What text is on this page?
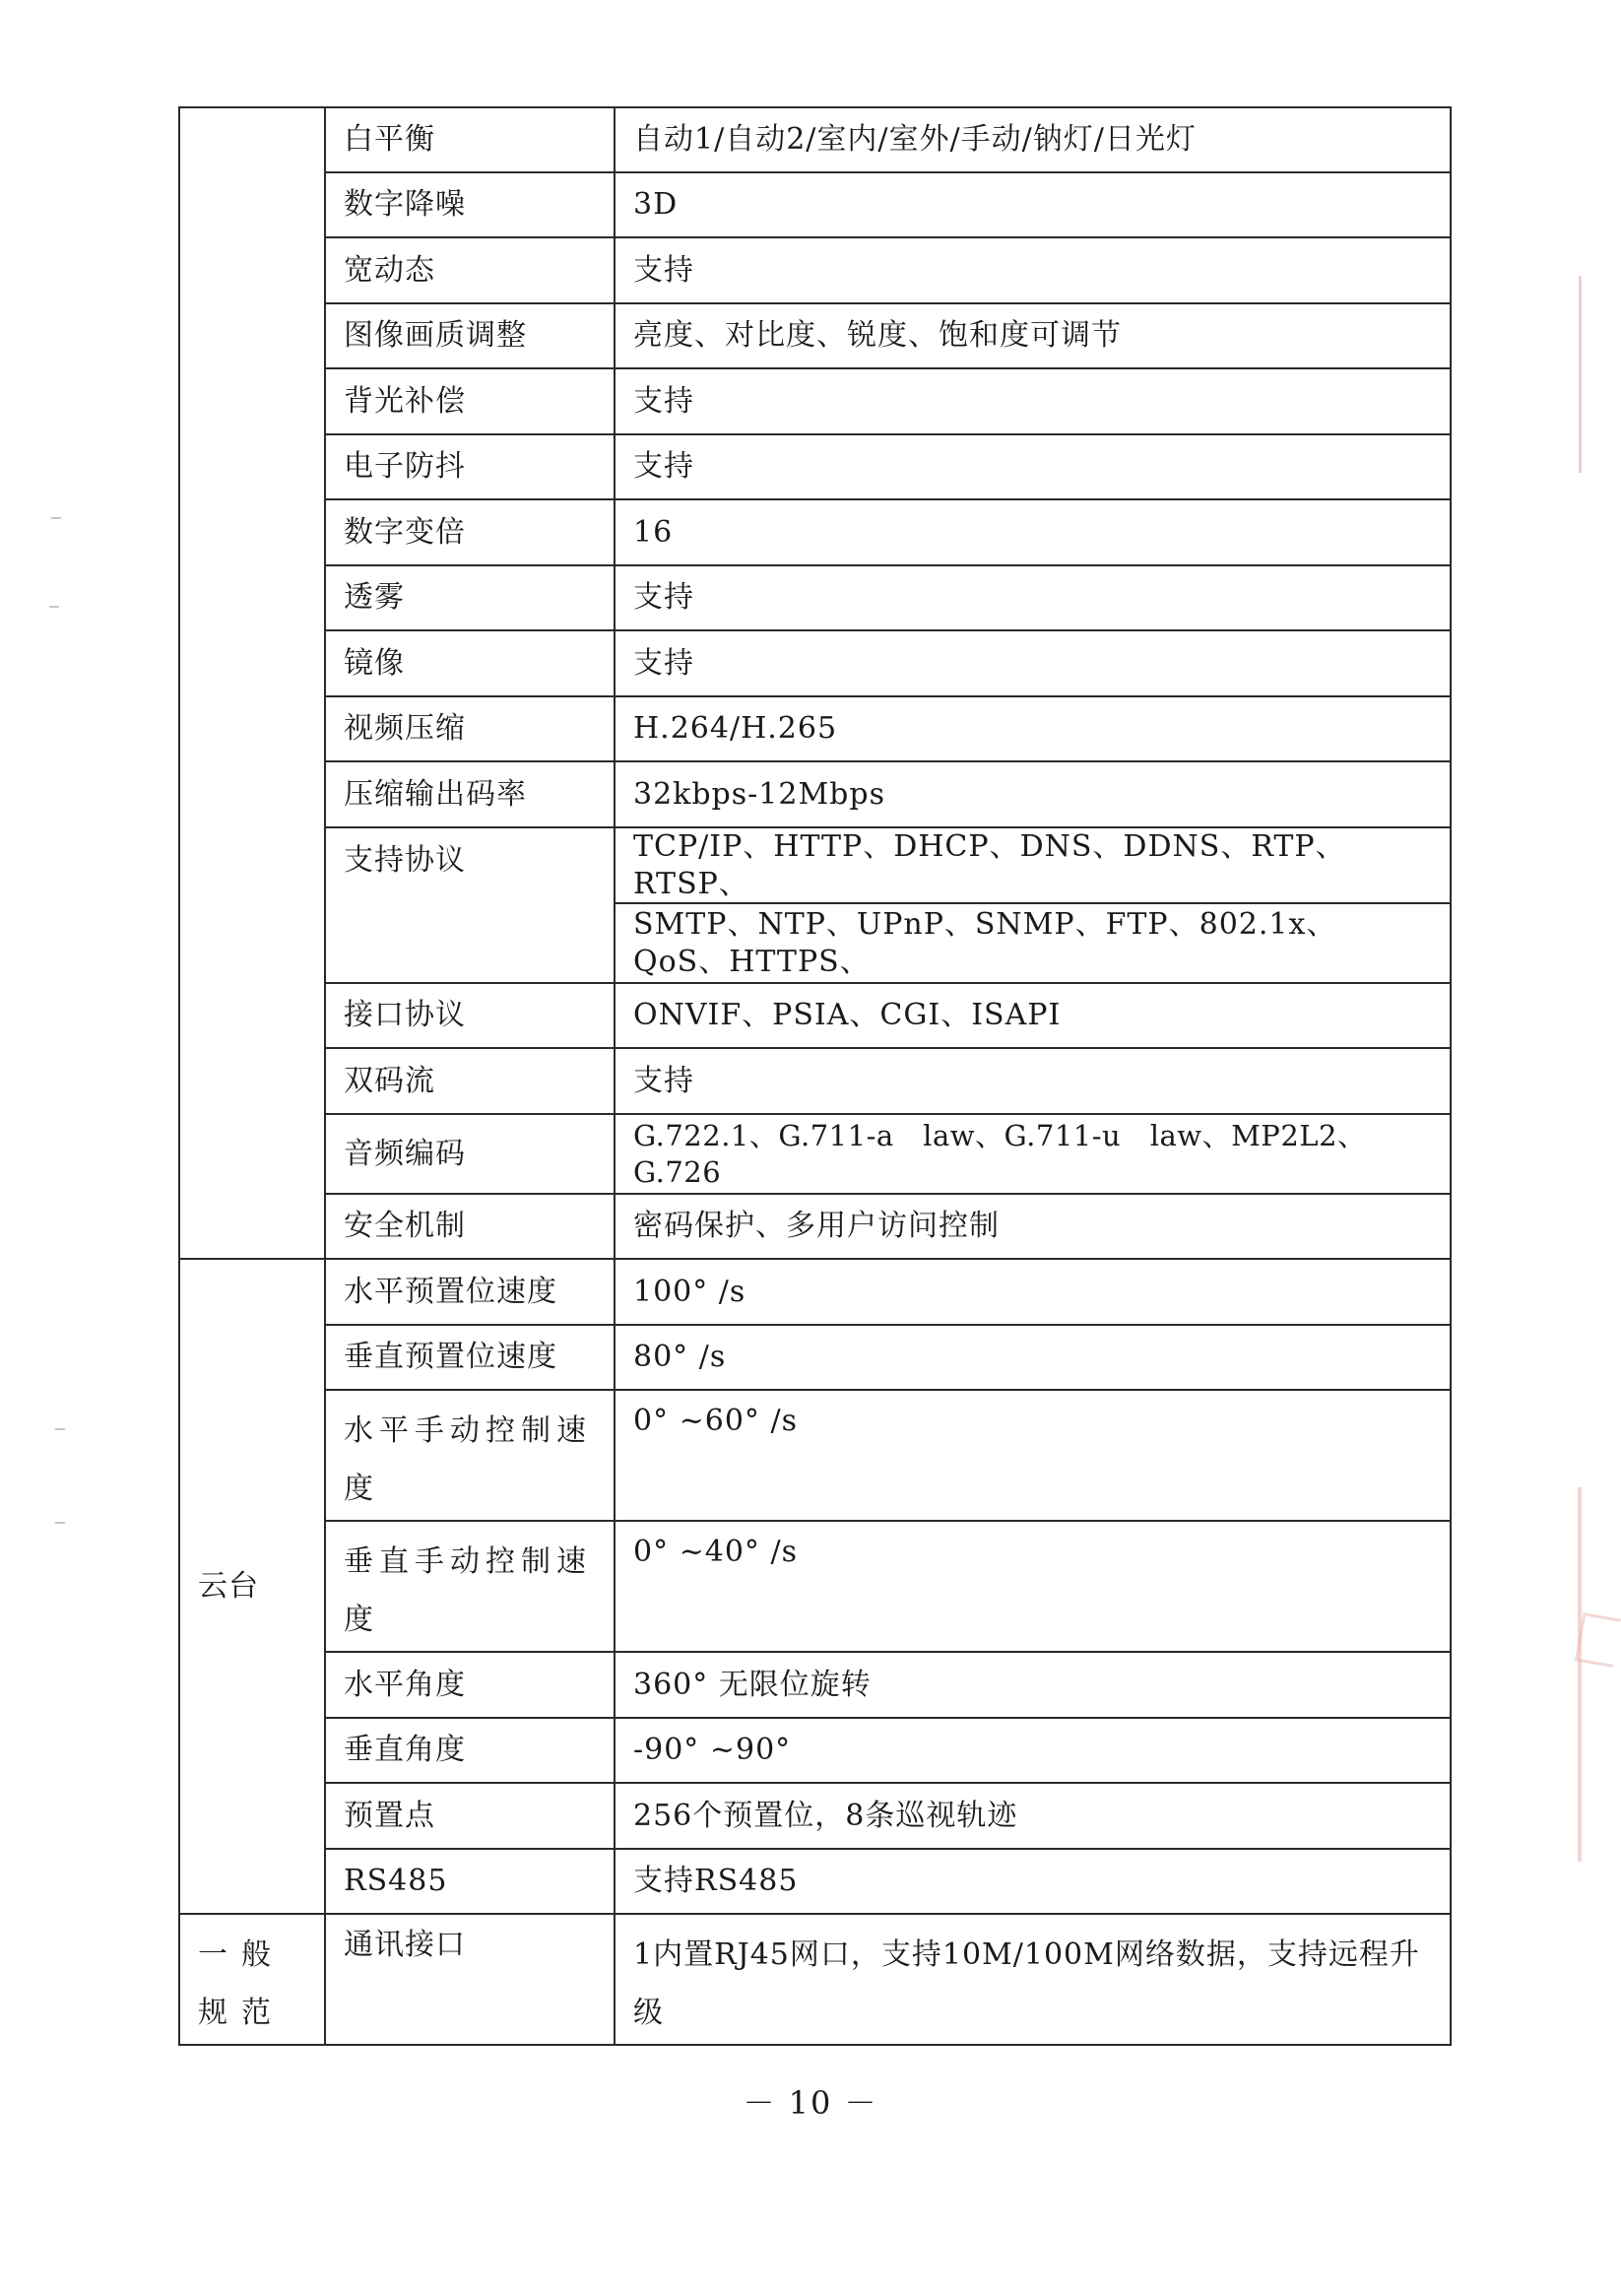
	白平衡	自动1/自动2/室内/室外/手动/钠灯/日光灯
	数字降噪	3D
	宽动态	支持
	图像画质调整	亮度、对比度、锐度、饱和度可调节
	背光补偿	支持
	电子防抖	支持
	数字变倍	16
	透雾	支持
	镜像	支持
	视频压缩	H.264/H.265
	压缩输出码率	32kbps-12Mbps
	支持协议	TCP/IP、HTTP、DHCP、DNS、DDNS、RTP、RTSP、
		SMTP、NTP、UPnP、SNMP、FTP、802.1x、QoS、HTTPS、
	接口协议	ONVIF、PSIA、CGI、ISAPI
	双码流	支持
	音频编码	G.722.1、G.711-a　law、G.711-u　law、MP2L2、G.726
	安全机制	密码保护、多用户访问控制
云台	水平预置位速度	100° /s
	垂直预置位速度	80° /s
	水平手动控制速度	0° ~60° /s
	垂直手动控制速度	0° ~40° /s
	水平角度	360° 无限位旋转
	垂直角度	-90° ~90°
	预置点	256个预置位，8条巡视轨迹
	RS485	支持RS485
一般规范	通讯接口	1内置RJ45网口，支持10M/100M网络数据，支持远程升级
－ 10 －
